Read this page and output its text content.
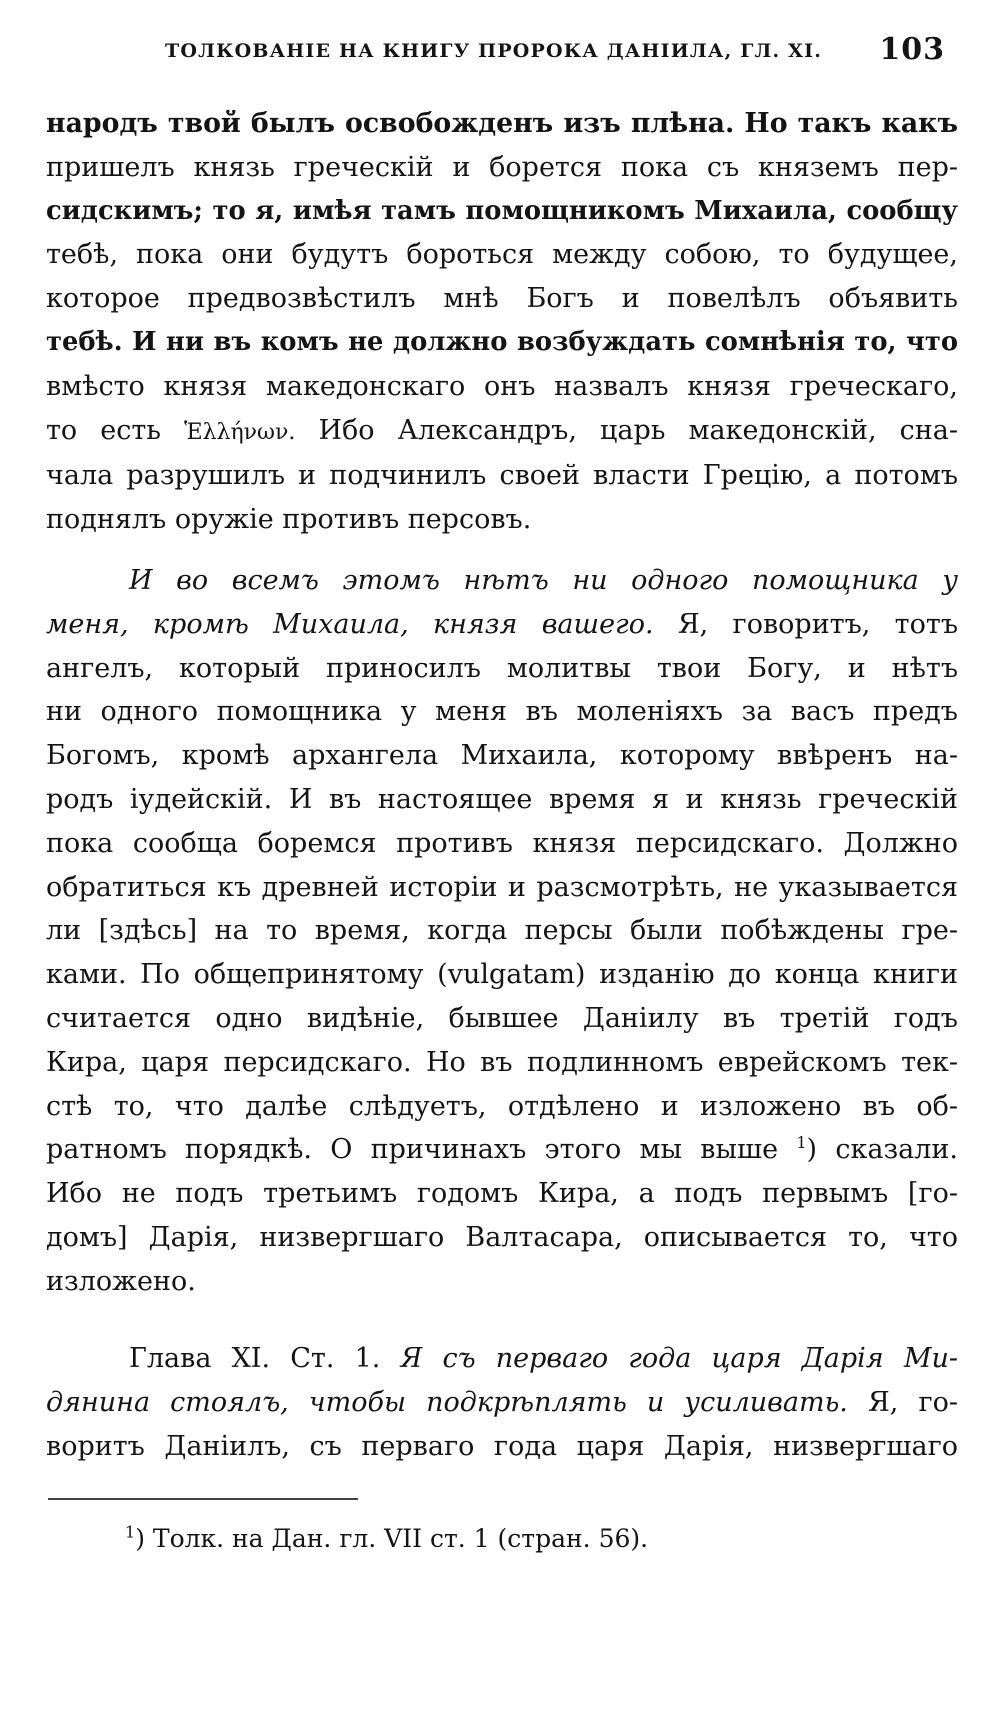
ТОЛКОВАНІЕ НА КНИГУ ПРОРОКА ДАНІИЛА, ГЛ. XI. 103
народъ твой былъ освобожденъ изъ плѣна. Но такъ какъ
пришелъ князь греческій и борется пока съ княземъ пер-
сидскимъ; то я, имѣя тамъ помощникомъ Михаила, сообщу
тебѣ, пока они будутъ бороться между собою, то будущее,
которое предвозвѣстилъ мнѣ Богъ и повелѣлъ объявить
тебѣ. И ни въ комъ не должно возбуждать сомнѣнія то, что
вмѣсто князя македонскаго онъ назвалъ князя греческаго,
то есть Ἑλλήνων. Ибо Александръ, царь македонскій, сна-
чала разрушилъ и подчинилъ своей власти Грецію, а потомъ
поднялъ оружіе противъ персовъ.
И во всемъ этомъ нѣтъ ни одного помощника у
меня, кромѣ Михаила, князя вашего. Я, говоритъ, тотъ
ангелъ, который приносилъ молитвы твои Богу, и нѣтъ
ни одного помощника у меня въ моленіяхъ за васъ предъ
Богомъ, кромѣ архангела Михаила, которому ввѣренъ на-
родъ іудейскій. И въ настоящее время я и князь греческій
пока сообща боремся противъ князя персидскаго. Должно
обратиться къ древней исторіи и разсмотрѣть, не указывается
ли [здѣсь] на то время, когда персы были побѣждены гре-
ками. По общепринятому (vulgatam) изданію до конца книги
считается одно видѣніе, бывшее Даніилу въ третій годъ
Кира, царя персидскаго. Но въ подлинномъ еврейскомъ тек-
стѣ то, что далѣе слѣдуетъ, отдѣлено и изложено въ об-
ратномъ порядкѣ. О причинахъ этого мы выше $^1$) сказали.
Ибо не подъ третьимъ годомъ Кира, а подъ первымъ [го-
домъ] Дарія, низвергшаго Валтасара, описывается то, что
изложено.
Глава XI. Ст. 1. Я съ перваго года царя Дарія Ми-
дянина стоялъ, чтобы подкрѣплять и усиливать. Я, го-
воритъ Даніилъ, съ перваго года царя Дарія, низвергшаго
$^1$) Толк. на Дан. гл. VII ст. 1 (стран. 56).
